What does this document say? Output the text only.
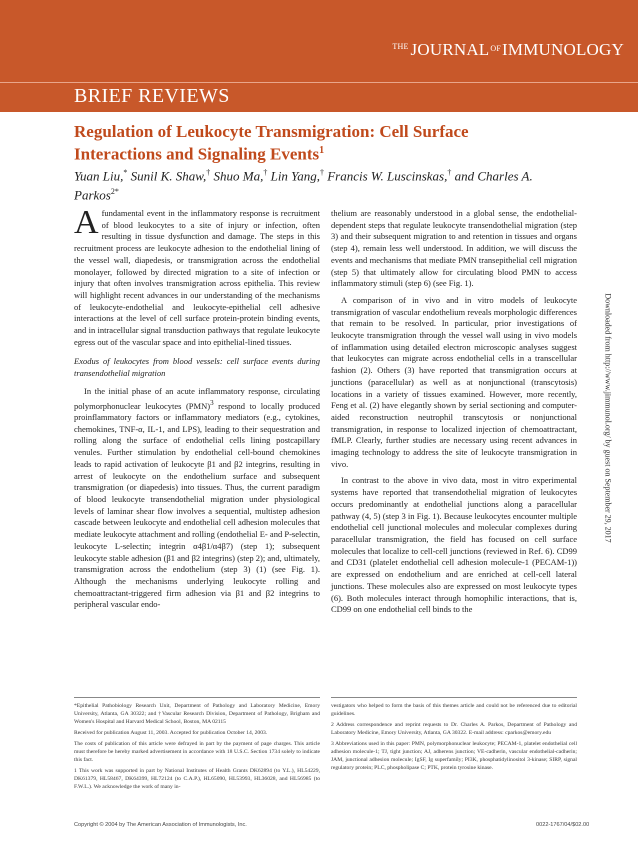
$^{THE}$ $JOURNAL^{OF}IMMUNOLOGY$
BRIEF REVIEWS
Regulation of Leukocyte Transmigration: Cell Surface Interactions and Signaling Events$^1$
Yuan Liu,* Sunil K. Shaw,† Shuo Ma,† Lin Yang,† Francis W. Luscinskas,† and Charles A. Parkos$^{2*}$

Afundamental event in the inflammatory response is recruitment of blood leukocytes to a site of injury or infection, often resulting in tissue dysfunction and damage. The steps in this recruitment process are leukocyte adhesion to the endothelial lining of the vessel wall, diapedesis, or transmigration across the endothelial monolayer, followed by directed migration to a site of infection or injury that often involves transmigration across epithelia. This review will highlight recent advances in our understanding of the mechanisms of leukocyte-endothelial and leukocyte-epithelial cell adhesive interactions at the level of cell surface protein-protein binding events, and in intracellular signal transduction pathways that regulate leukocyte egress out of the vascular space and into epithelial-lined tissues.

Exodus of leukocytes from blood vessels: cell surface events during transendothelial migration

In the initial phase of an acute inflammatory response, circulating polymorphonuclear leukocytes (PMN)$^3$ respond to locally produced proinflammatory factors or inflammatory mediators (e.g., cytokines, chemokines, TNF-α, IL-1, and LPS), leading to their sequestration and rolling along the surface of endothelial cells lining postcapillary venules. Further stimulation by endothelial cell-bound chemokines leads to rapid activation of leukocyte β1 and β2 integrins, resulting in arrest of leukocyte on the endothelium surface and subsequent transmigration (or diapedesis) into tissues. Thus, the current paradigm of blood leukocyte transendothelial migration under physiological levels of laminar shear flow involves a sequential, multistep adhesion cascade between leukocyte and endothelial cell adhesion molecules that mediate leukocyte attachment and rolling (endothelial E- and P-selectin, leukocyte L-selectin; integrin α4β1/α4β7) (step 1); subsequent leukocyte stable adhesion (β1 and β2 integrins) (step 2); and, ultimately, transmigration across the endothelium (step 3) (1) (see Fig. 1). Although the mechanisms underlying leukocyte rolling and chemoattractant-triggered firm adhesion via β1 and β2 integrins to peripheral vascular endo-

thelium are reasonably understood in a global sense, the endothelial-dependent steps that regulate leukocyte transendothelial migration (step 3) and their subsequent migration to and retention in tissues and organs (step 4), remain less well understood. In addition, we will discuss the events and mechanisms that mediate PMN transepithelial cell migration (step 5) that ultimately allow for circulating blood PMN to access inflammatory stimuli (step 6) (see Fig. 1).

A comparison of in vivo and in vitro models of leukocyte transmigration of vascular endothelium reveals morphologic differences that remain to be resolved. In particular, prior investigations of leukocyte transmigration through the vessel wall using in vivo models of inflammation using detailed electron microscopic analyses suggest that leukocytes can migrate across endothelial cells in a transcellular fashion (2). Others (3) have reported that transmigration occurs at junctions (paracellular) as well as at nonjunctional (transcytosis) locations in a variety of tissues examined. However, more recently, Feng et al. (2) have elegantly shown by serial sectioning and computer-aided reconstruction neutrophil transcytosis or nonjunctional transmigration, in response to localized injection of chemoattractant, fMLP. Clearly, further studies are necessary using recent advances in imaging technology to address the site of leukocyte transmigration in vivo.

In contrast to the above in vivo data, most in vitro experimental systems have reported that transendothelial migration of leukocytes occurs predominantly at endothelial junctions along a paracellular pathway (4, 5) (step 3 in Fig. 1). Because leukocytes encounter multiple endothelial cell junctional molecules and molecular complexes during paracellular transmigration, the field has focused on cell surface molecules that localize to cell-cell junctions (reviewed in Ref. 6). CD99 and CD31 (platelet endothelial cell adhesion molecule-1 (PECAM-1)) are expressed on endothelium and are enriched at cell-cell lateral junctions. These molecules also are expressed on most leukocyte types (6). Both molecules interact through homophilic interactions, that is, CD99 on one endothelial cell binds to the

*Epithelial Pathobiology Research Unit, Department of Pathology and Laboratory Medicine, Emory University, Atlanta, GA 30322; and †Vascular Research Division, Department of Pathology, Brigham and Women's Hospital and Harvard Medical School, Boston, MA 02115

Received for publication August 11, 2003. Accepted for publication October 14, 2003.

The costs of publication of this article were defrayed in part by the payment of page charges. This article must therefore be hereby marked advertisement in accordance with 18 U.S.C. Section 1734 solely to indicate this fact.

1 This work was supported in part by National Institutes of Health Grants DK62894 (to Y.L.), HL54229, DK61379, HL58467, DK64399, HL72124 (to C.A.P.), HL65090, HL53993, HL36028, and HL56985 (to F.W.L.). We acknowledge the work of many in-

vestigators who helped to form the basis of this themes article and could not be referenced due to editorial guidelines.

2 Address correspondence and reprint requests to Dr. Charles A. Parkos, Department of Pathology and Laboratory Medicine, Emory University, Atlanta, GA 30322. E-mail address: cparkos@emory.edu

3 Abbreviations used in this paper: PMN, polymorphonuclear leukocyte; PECAM-1, platelet endothelial cell adhesion molecule-1; TJ, tight junction; AJ, adherens junction; VE-cadherin, vascular endothelial-cadherin; JAM, junctional adhesion molecule; IgSF, Ig superfamily; PI3K, phosphatidylinositol 3-kinase; SIRP, signal regulatory protein; PLC, phospholipase C; PTK, protein tyrosine kinase.

Copyright © 2004 by The American Association of Immunologists, Inc.	0022-1767/04/$02.00
Downloaded from http://www.jimmunol.org/ by guest on September 29, 2017
